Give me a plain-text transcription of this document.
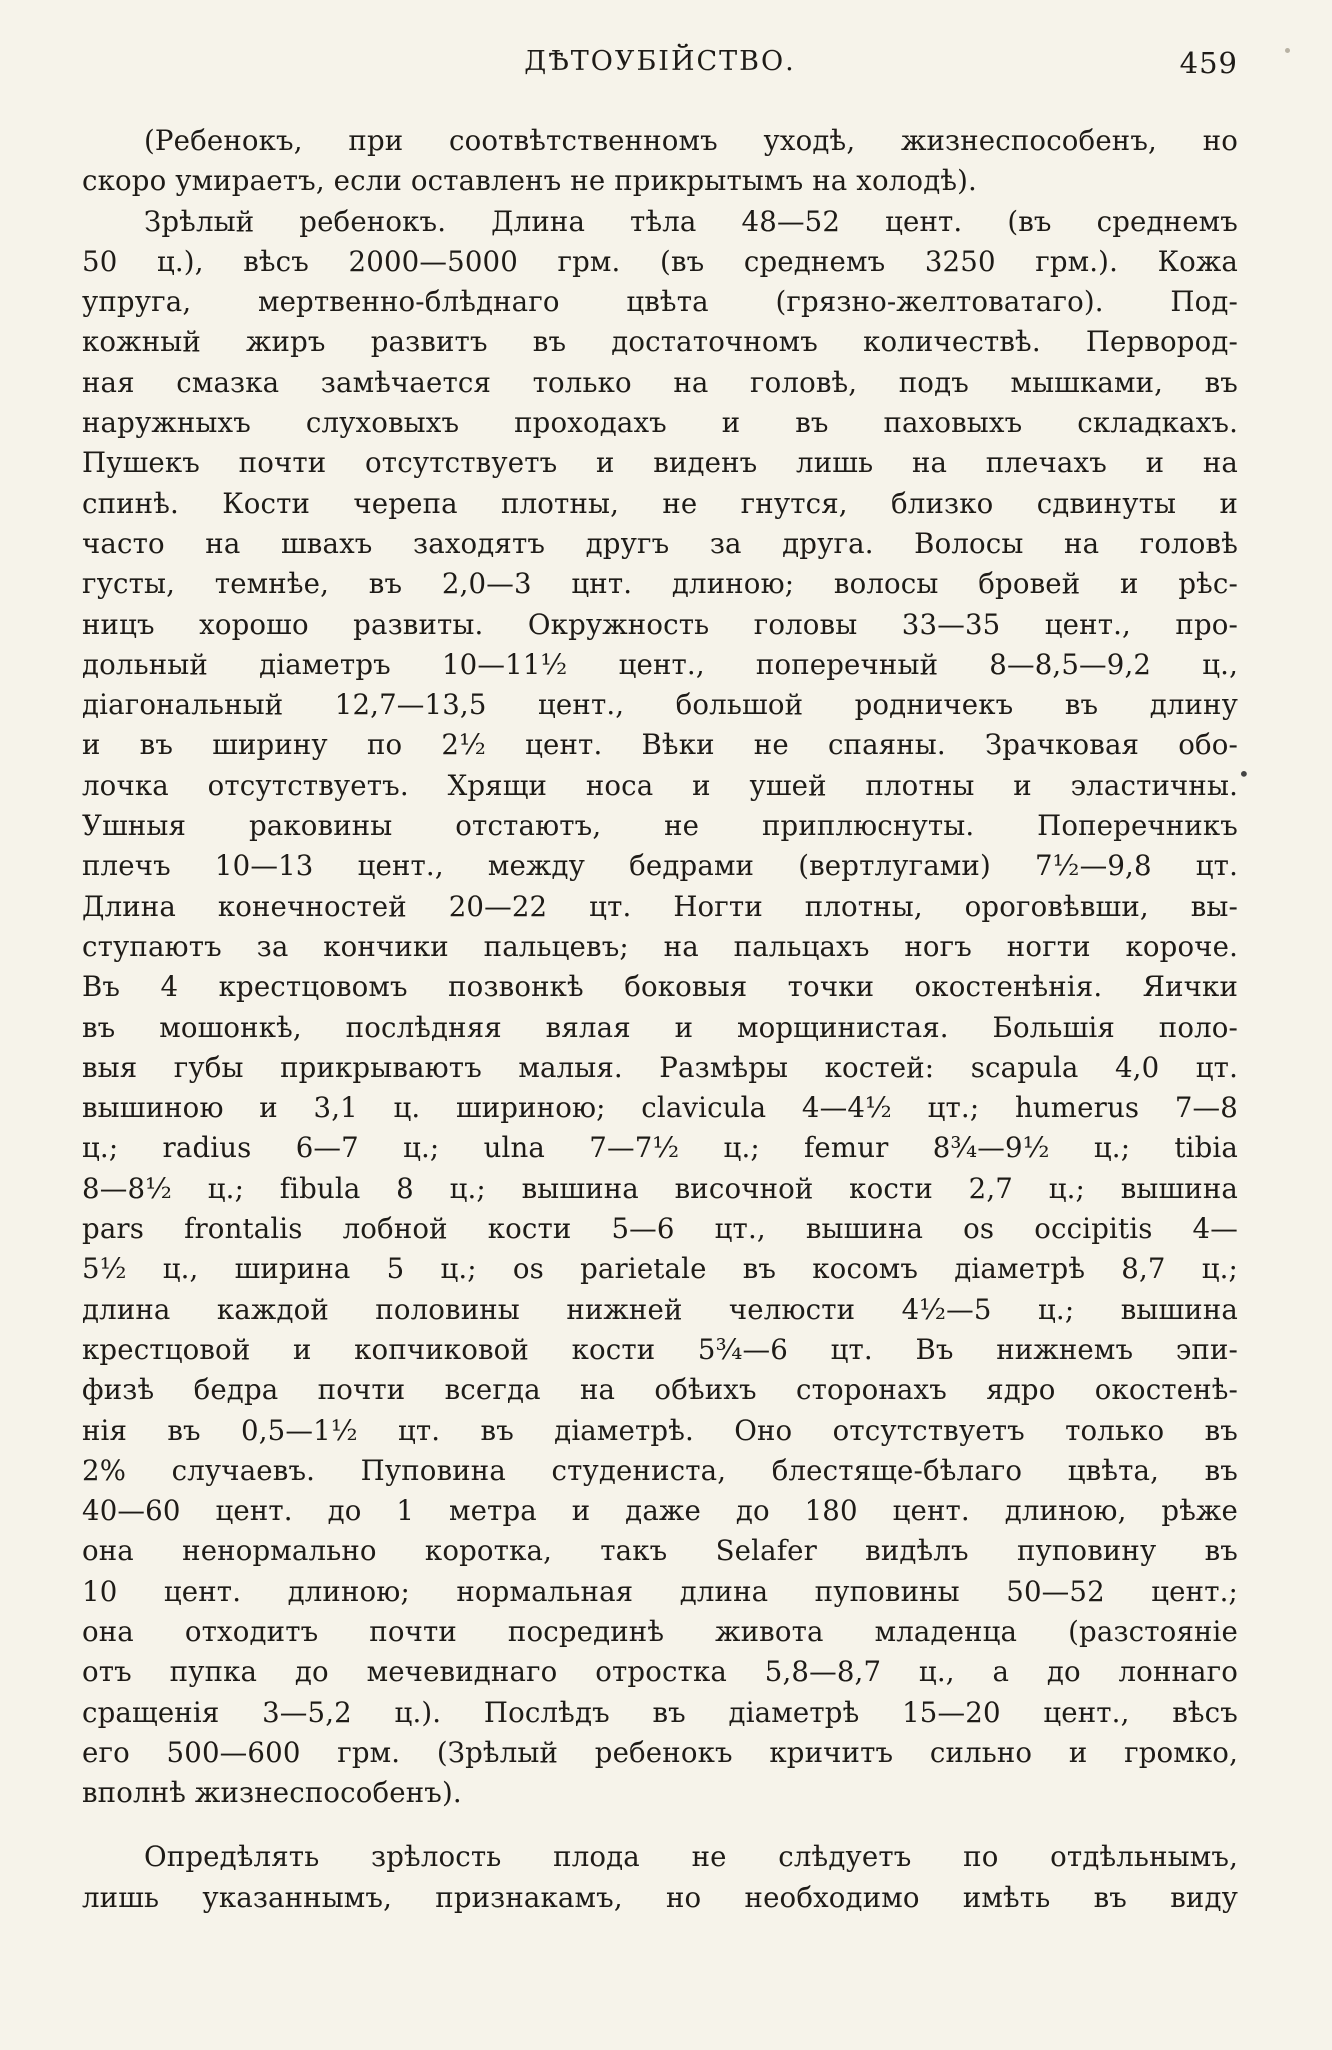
ДѢТОУБІЙСТВО.	459
•
(Ребенокъ, при соотвѣтственномъ уходѣ, жизнеспособенъ, но
скоро умираетъ, если оставленъ не прикрытымъ на холодѣ).
Зрѣлый ребенокъ. Длина тѣла 48—52 цент. (въ среднемъ
50 ц.), вѣсъ 2000—5000 грм. (въ среднемъ 3250 грм.). Кожа
упруга, мертвенно-блѣднаго цвѣта (грязно-желтоватаго). Под-
кожный жиръ развитъ въ достаточномъ количествѣ. Первород-
ная смазка замѣчается только на головѣ, подъ мышками, въ
наружныхъ слуховыхъ проходахъ и въ паховыхъ складкахъ.
Пушекъ почти отсутствуетъ и виденъ лишь на плечахъ и на
спинѣ. Кости черепа плотны, не гнутся, близко сдвинуты и
часто на швахъ заходятъ другъ за друга. Волосы на головѣ
густы, темнѣе, въ 2,0—3 цнт. длиною; волосы бровей и рѣс-
ницъ хорошо развиты. Окружность головы 33—35 цент., про-
дольный діаметръ 10—11½ цент., поперечный 8—8,5—9,2 ц.,
діагональный 12,7—13,5 цент., большой родничекъ въ длину
и въ ширину по 2½ цент. Вѣки не спаяны. Зрачковая обо-
лочка отсутствуетъ. Хрящи носа и ушей плотны и эластичны.
Ушныя раковины отстаютъ, не приплюснуты. Поперечникъ
плечъ 10—13 цент., между бедрами (вертлугами) 7½—9,8 цт.
Длина конечностей 20—22 цт. Ногти плотны, ороговѣвши, вы-
ступаютъ за кончики пальцевъ; на пальцахъ ногъ ногти короче.
Въ 4 крестцовомъ позвонкѣ боковыя точки окостенѣнія. Яички
въ мошонкѣ, послѣдняя вялая и морщинистая. Большія поло-
выя губы прикрываютъ малыя. Размѣры костей: scapula 4,0 цт.
вышиною и 3,1 ц. шириною; clavicula 4—4½ цт.; humerus 7—8
ц.; radius 6—7 ц.; ulna 7—7½ ц.; femur 8¾—9½ ц.; tibia
8—8½ ц.; fibula 8 ц.; вышина височной кости 2,7 ц.; вышина
pars frontalis лобной кости 5—6 цт., вышина os occipitis 4—
5½ ц., ширина 5 ц.; os parietale въ косомъ діаметрѣ 8,7 ц.;
длина каждой половины нижней челюсти 4½—5 ц.; вышина
крестцовой и копчиковой кости 5¾—6 цт. Въ нижнемъ эпи-
физѣ бедра почти всегда на обѣихъ сторонахъ ядро окостенѣ-
нія въ 0,5—1½ цт. въ діаметрѣ. Оно отсутствуетъ только въ
2% случаевъ. Пуповина студениста, блестяще-бѣлаго цвѣта, въ
40—60 цент. до 1 метра и даже до 180 цент. длиною, рѣже
она ненормально коротка, такъ Selafer видѣлъ пуповину въ
10 цент. длиною; нормальная длина пуповины 50—52 цент.;
она отходитъ почти посрединѣ живота младенца (разстояніе
отъ пупка до мечевиднаго отростка 5,8—8,7 ц., а до лоннаго
сращенія 3—5,2 ц.). Послѣдъ въ діаметрѣ 15—20 цент., вѣсъ
его 500—600 грм. (Зрѣлый ребенокъ кричитъ сильно и громко,
вполнѣ жизнеспособенъ).
Опредѣлять зрѣлость плода не слѣдуетъ по отдѣльнымъ,
лишь указаннымъ, признакамъ, но необходимо имѣть въ виду
